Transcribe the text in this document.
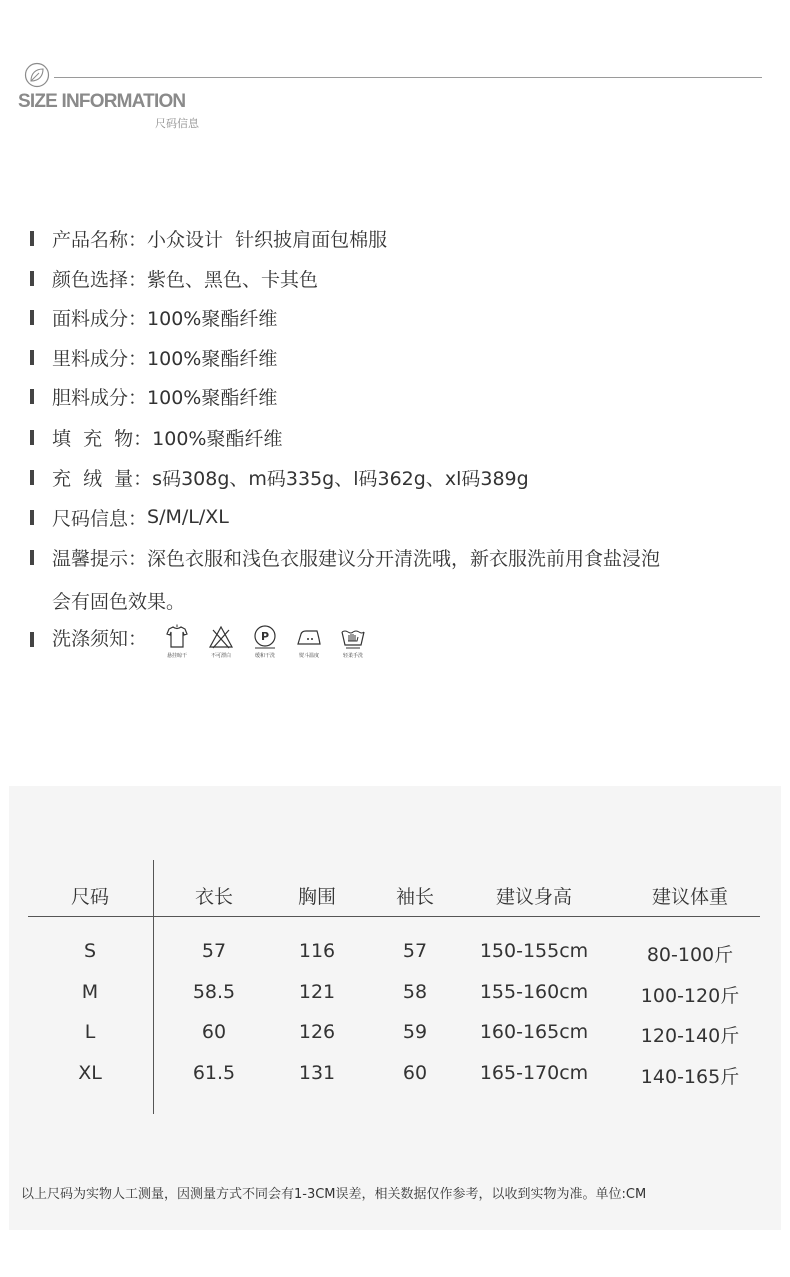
SIZE INFORMATION
尺码信息
产品名称： 小众设计  针织披肩面包棉服
颜色选择： 紫色、黑色、卡其色
面料成分： 100%聚酯纤维
里料成分： 100%聚酯纤维
胆料成分： 100%聚酯纤维
填  充  物： 100%聚酯纤维
充  绒  量： s码308g、m码335g、l码362g、xl码389g
尺码信息： S/M/L/XL
温馨提示： 深色衣服和浅色衣服建议分开清洗哦，新衣服洗前用食盐浸泡
会有固色效果。
洗涤须知：
悬挂晾干	不可漂白
P
缓和干洗	熨斗温度	轻柔手洗
尺码	衣长	胸围	袖长	建议身高	建议体重
S	57	116	57	150-155cm	80-100斤
M	58.5	121	58	155-160cm	100-120斤
L	60	126	59	160-165cm	120-140斤
XL	61.5	131	60	165-170cm	140-165斤
以上尺码为实物人工测量，因测量方式不同会有1-3CM误差，相关数据仅作参考，以收到实物为准。单位:CM
